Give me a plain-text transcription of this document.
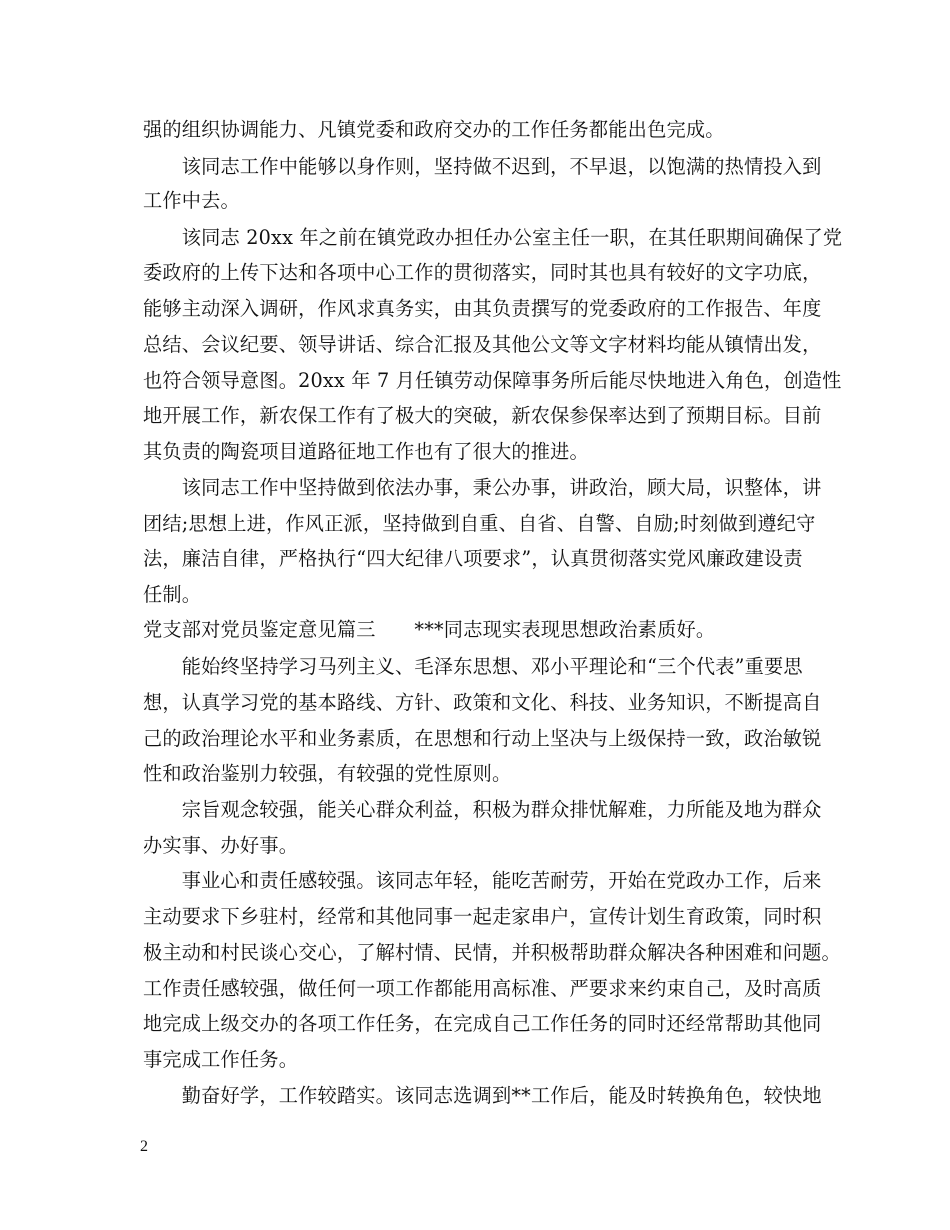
强的组织协调能力、凡镇党委和政府交办的工作任务都能出色完成。
　　该同志工作中能够以身作则，坚持做不迟到，不早退，以饱满的热情投入到
工作中去。
　　该同志 20xx 年之前在镇党政办担任办公室主任一职，在其任职期间确保了党
委政府的上传下达和各项中心工作的贯彻落实，同时其也具有较好的文字功底，
能够主动深入调研，作风求真务实，由其负责撰写的党委政府的工作报告、年度
总结、会议纪要、领导讲话、综合汇报及其他公文等文字材料均能从镇情出发，
也符合领导意图。20xx 年 7 月任镇劳动保障事务所后能尽快地进入角色，创造性
地开展工作，新农保工作有了极大的突破，新农保参保率达到了预期目标。目前
其负责的陶瓷项目道路征地工作也有了很大的推进。
　　该同志工作中坚持做到依法办事，秉公办事，讲政治，顾大局，识整体，讲
团结;思想上进，作风正派，坚持做到自重、自省、自警、自励;时刻做到遵纪守
法，廉洁自律，严格执行“四大纪律八项要求”，认真贯彻落实党风廉政建设责
任制。
党支部对党员鉴定意见篇三　　***同志现实表现思想政治素质好。
　　能始终坚持学习马列主义、毛泽东思想、邓小平理论和“三个代表”重要思
想，认真学习党的基本路线、方针、政策和文化、科技、业务知识，不断提高自
己的政治理论水平和业务素质，在思想和行动上坚决与上级保持一致，政治敏锐
性和政治鉴别力较强，有较强的党性原则。
　　宗旨观念较强，能关心群众利益，积极为群众排忧解难，力所能及地为群众
办实事、办好事。
　　事业心和责任感较强。该同志年轻，能吃苦耐劳，开始在党政办工作，后来
主动要求下乡驻村，经常和其他同事一起走家串户，宣传计划生育政策，同时积
极主动和村民谈心交心，了解村情、民情，并积极帮助群众解决各种困难和问题。
工作责任感较强，做任何一项工作都能用高标准、严要求来约束自己，及时高质
地完成上级交办的各项工作任务，在完成自己工作任务的同时还经常帮助其他同
事完成工作任务。
　　勤奋好学，工作较踏实。该同志选调到**工作后，能及时转换角色，较快地
2
